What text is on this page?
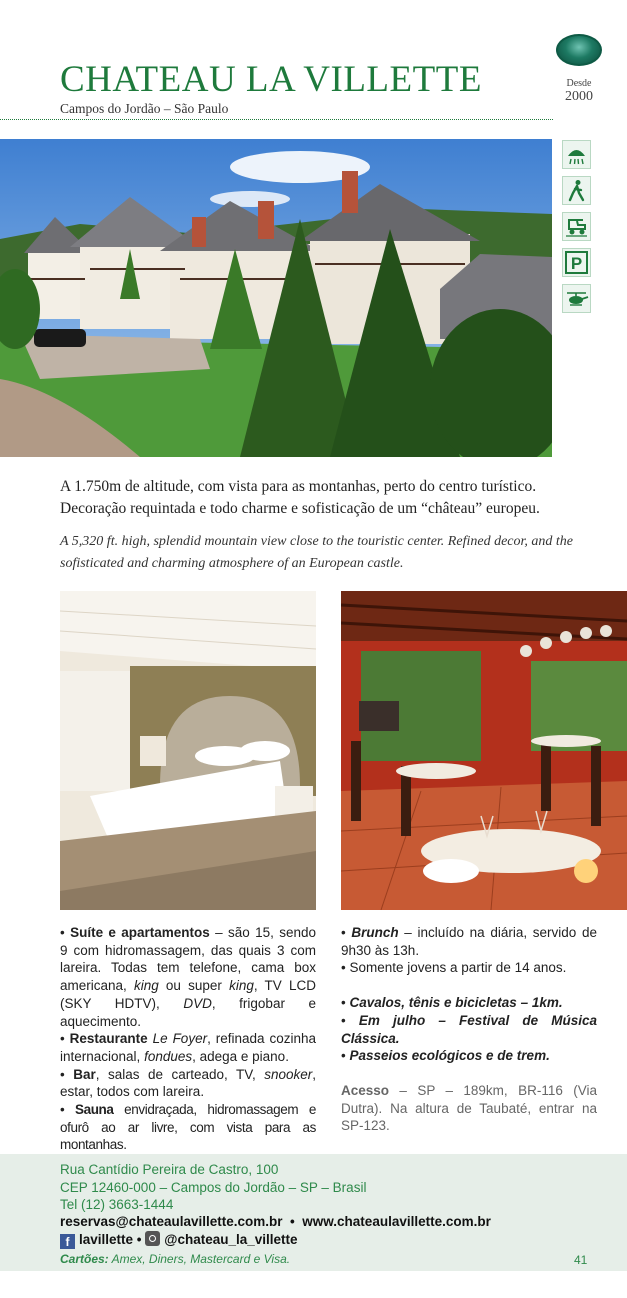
Desde
2000
CHATEAU LA VILLETTE
Campos do Jordão – São Paulo
P
A 1.750m de altitude, com vista para as montanhas, perto do centro turístico. Decoração requintada e todo charme e sofisticação de um “château” europeu.
A 5,320 ft. high, splendid mountain view close to the touristic center. Refined decor, and the sofisticated and charming atmosphere of an European castle.

• Suíte e apartamentos – são 15, sendo 9 com hidromassagem, das quais 3 com lareira. Todas tem telefone, cama box americana, king ou super king, TV LCD (SKY HDTV), DVD, frigobar e aquecimento.

• Restaurante Le Foyer, refinada cozinha internacional, fondues, adega e piano.

• Bar, salas de carteado, TV, snooker, estar, todos com lareira.

• Sauna envidraçada, hidromassagem e ofurô ao ar livre, com vista para as montanhas.

• Brunch – incluído na diária, servido de 9h30 às 13h.

• Somente jovens a partir de 14 anos.

• Cavalos, tênis e bicicletas – 1km.

• Em julho – Festival de Música Clássica.

• Passeios ecológicos e de trem.

Acesso – SP – 189km, BR-116 (Via Dutra). Na altura de Taubaté, entrar na SP-123.

Rua Cantídio Pereira de Castro, 100
CEP 12460-000 – Campos do Jordão – SP – Brasil
Tel (12) 3663-1444
reservas@chateaulavillette.com.br • www.chateaulavillette.com.br
f lavillette • @chateau_la_villette
Cartões: Amex, Diners, Mastercard e Visa.	41
